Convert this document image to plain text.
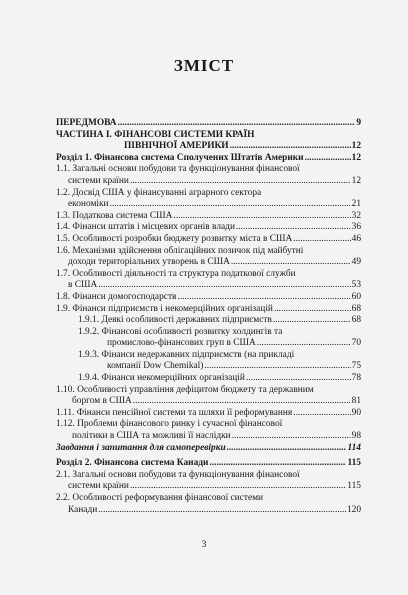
ЗМІСТ
ПЕРЕДМОВА .....	9
ЧАСТИНА І. ФІНАНСОВІ СИСТЕМИ КРАЇН
ПІВНІЧНОЇ АМЕРИКИ .....	12
Розділ 1. Фінансова система Сполучених Штатів Америки .....	12
1.1. Загальні основи побудови та функціонування фінансової
системи країни .....	12
1.2. Досвід США у фінансуванні аграрного сектора
економіки .....	21
1.3. Податкова система США .....	32
1.4. Фінанси штатів і місцевих органів влади .....	36
1.5. Особливості розробки бюджету розвитку міста в США .....	46
1.6. Механізми здійснення облігаційних позичок під майбутні
доходи територіальних утворень в США .....	49
1.7. Особливості діяльності та структура податкової служби
в США .....	53
1.8. Фінанси домогосподарств .....	60
1.9. Фінанси підприємств і некомерційних організацій .....	68
1.9.1. Деякі особливості державних підприємств .....	68
1.9.2. Фінансові особливості розвитку холдингів та
промислово-фінансових груп в США .....	70
1.9.3. Фінанси недержавних підприємств (на прикладі
компанії Dow Chemikal) .....	75
1.9.4. Фінанси некомерційних організацій .....	78
1.10. Особливості управління дефіцитом бюджету та державним
боргом в США .....	81
1.11. Фінанси пенсійної системи та шляхи її реформування .....	90
1.12. Проблеми фінансового ринку і сучасної фінансової
політики в США та можливі її наслідки .....	98
Завдання і запитання для самоперевірки .....	114
Розділ 2. Фінансова система Канади .....	115
2.1. Загальні основи побудови та функціонування фінансової
системи країни .....	115
2.2. Особливості реформування фінансової системи
Канади .....	120
3
